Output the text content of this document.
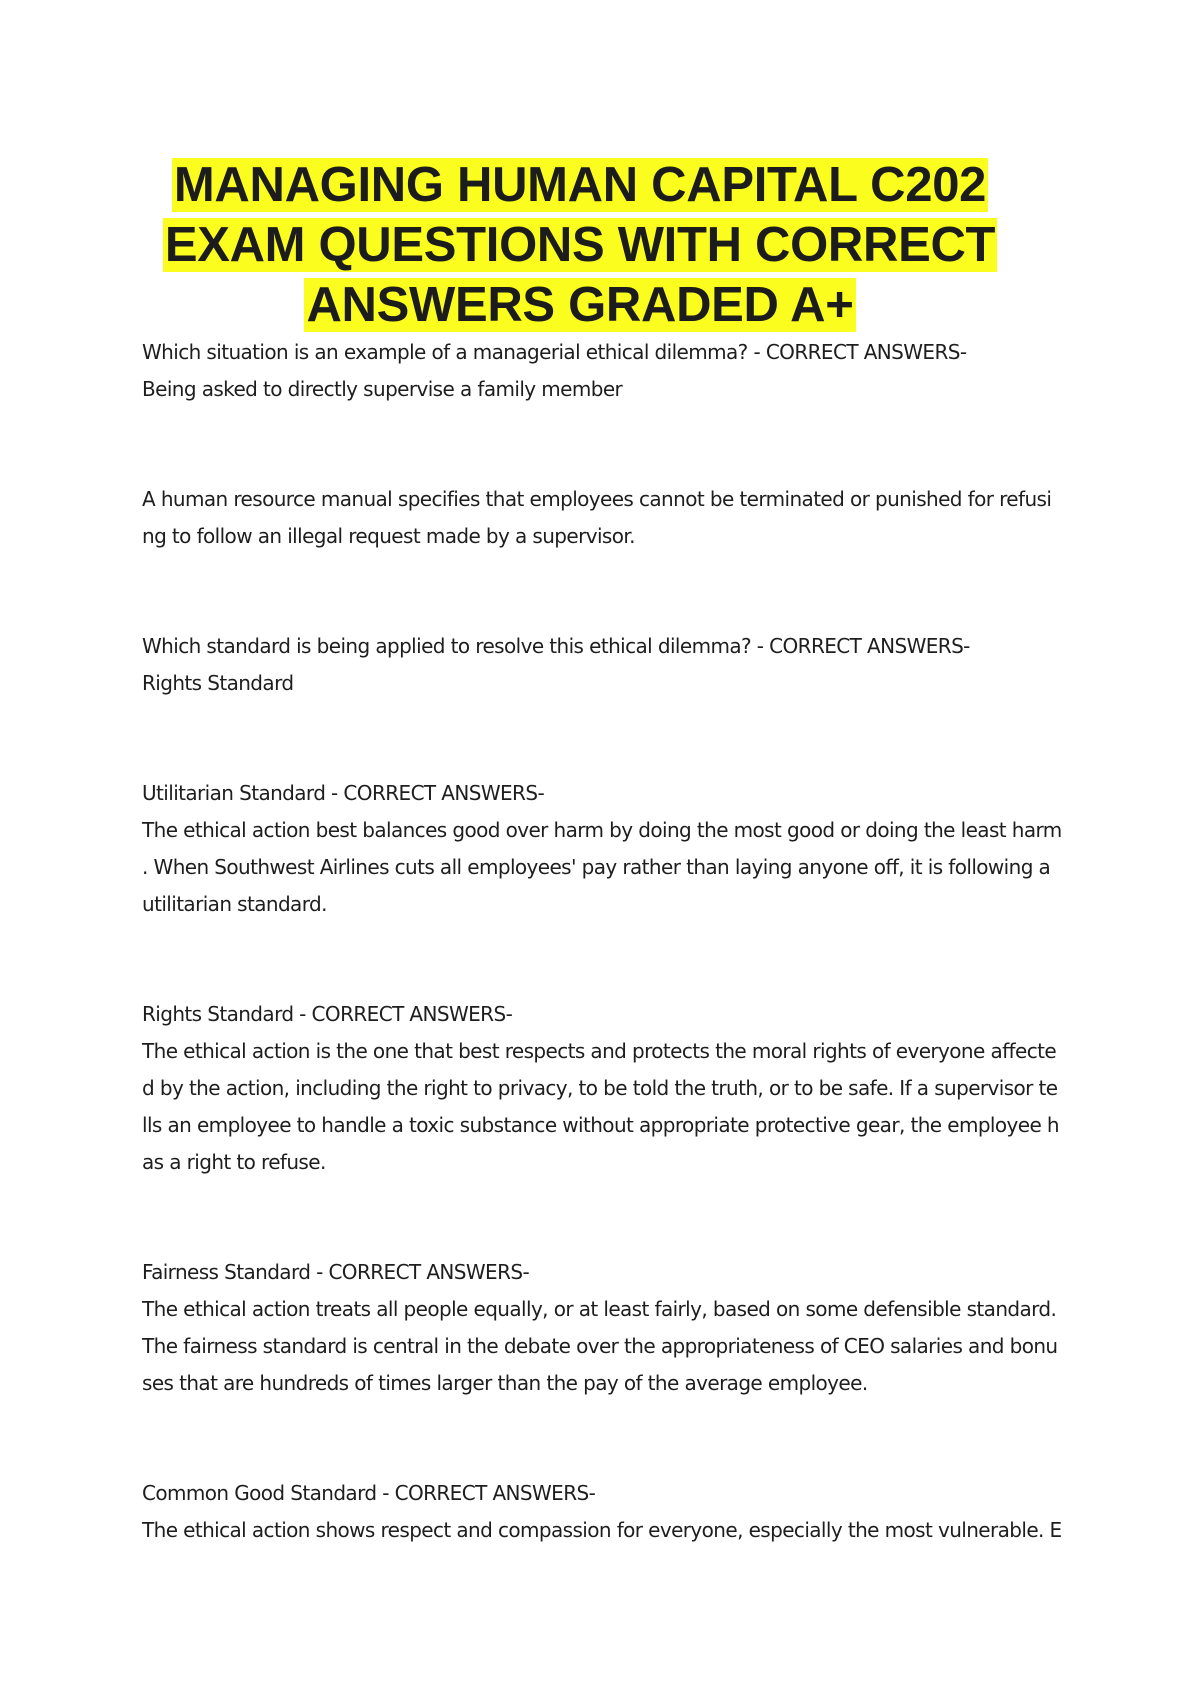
MANAGING HUMAN CAPITAL C202
EXAM QUESTIONS WITH CORRECT
ANSWERS GRADED A+
Which situation is an example of a managerial ethical dilemma? - CORRECT ANSWERS-
Being asked to directly supervise a family member
A human resource manual specifies that employees cannot be terminated or punished for refusi
ng to follow an illegal request made by a supervisor.
Which standard is being applied to resolve this ethical dilemma? - CORRECT ANSWERS-
Rights Standard
Utilitarian Standard - CORRECT ANSWERS-
The ethical action best balances good over harm by doing the most good or doing the least harm
. When Southwest Airlines cuts all employees' pay rather than laying anyone off, it is following a
utilitarian standard.
Rights Standard - CORRECT ANSWERS-
The ethical action is the one that best respects and protects the moral rights of everyone affecte
d by the action, including the right to privacy, to be told the truth, or to be safe. If a supervisor te
lls an employee to handle a toxic substance without appropriate protective gear, the employee h
as a right to refuse.
Fairness Standard - CORRECT ANSWERS-
The ethical action treats all people equally, or at least fairly, based on some defensible standard.
The fairness standard is central in the debate over the appropriateness of CEO salaries and bonu
ses that are hundreds of times larger than the pay of the average employee.
Common Good Standard - CORRECT ANSWERS-
The ethical action shows respect and compassion for everyone, especially the most vulnerable. E
